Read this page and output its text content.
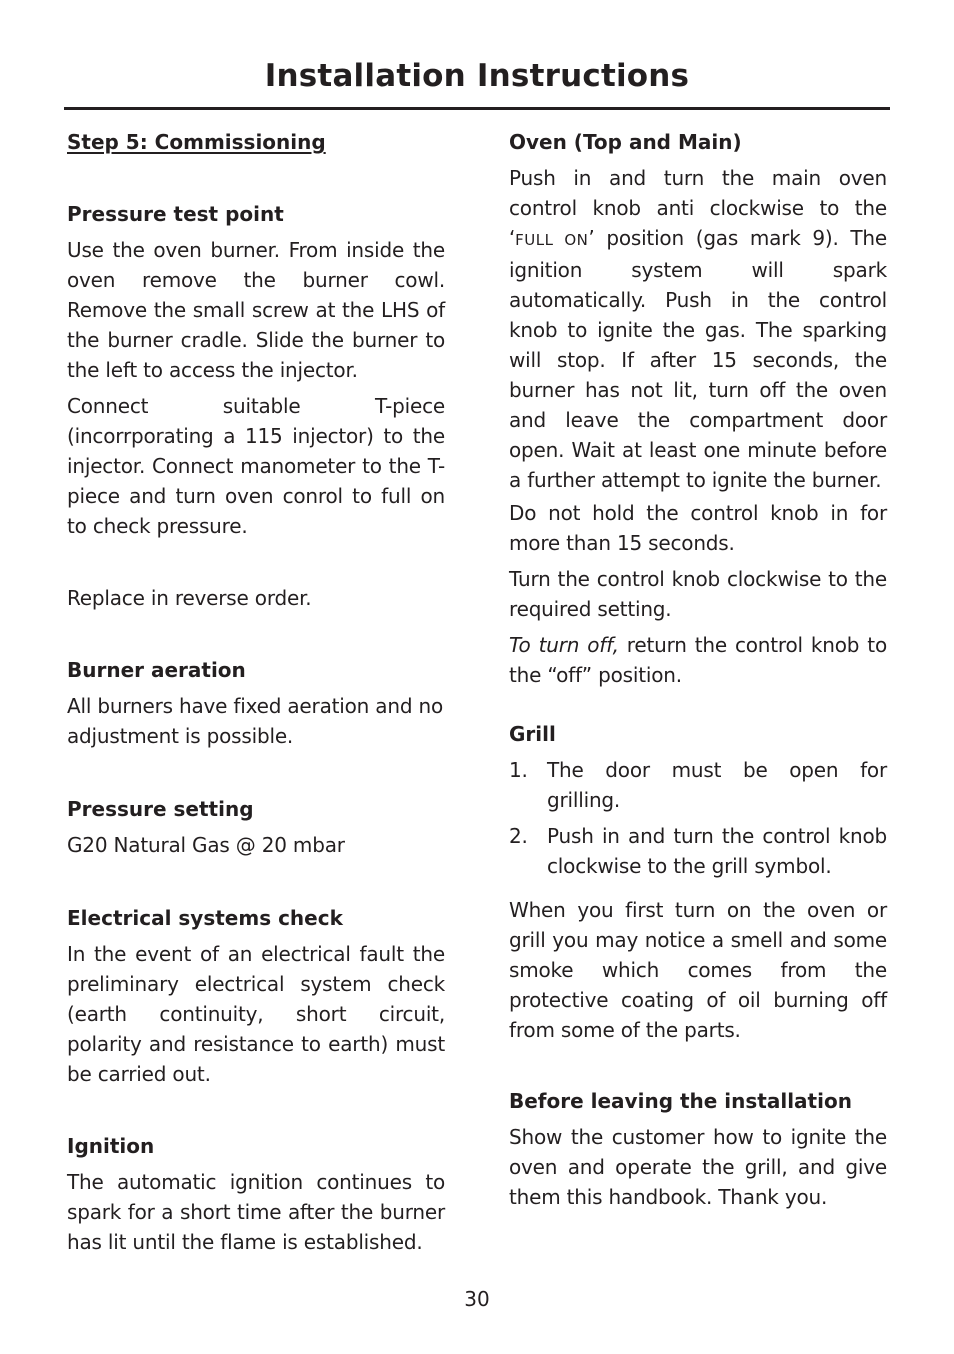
Installation Instructions

Step 5: Commissioning

Pressure test point

Use the oven burner. From inside the oven remove the burner cowl. Remove the small screw at the LHS of the burner cradle. Slide the burner to the left to access the injector.

Connect suitable T-piece (incorrporating a 115 injector) to the injector. Connect manometer to the T-piece and turn oven conrol to full on to check pressure.

Replace in reverse order.

Burner aeration

All burners have fixed aeration and no adjustment is possible.

Pressure setting

G20 Natural Gas @ 20 mbar

Electrical systems check

In the event of an electrical fault the preliminary electrical system check (earth continuity, short circuit, polarity and resistance to earth) must be carried out.

Ignition

The automatic ignition continues to spark for a short time after the burner has lit until the flame is established.

Oven (Top and Main)

Push in and turn the main oven control knob anti clockwise to the ‘FULL ON’ position (gas mark 9). The ignition system will spark automatically. Push in the control knob to ignite the gas. The sparking will stop. If after 15 seconds, the burner has not lit, turn off the oven and leave the compartment door open. Wait at least one minute before a further attempt to ignite the burner.

Do not hold the control knob in for more than 15 seconds.

Turn the control knob clockwise to the required setting.

To turn off, return the control knob to the “off” position.

Grill

1. The door must be open for grilling.
2. Push in and turn the control knob clockwise to the grill symbol.

When you first turn on the oven or grill you may notice a smell and some smoke which comes from the protective coating of oil burning off from some of the parts.

Before leaving the installation

Show the customer how to ignite the oven and operate the grill, and give them this handbook. Thank you.

30
